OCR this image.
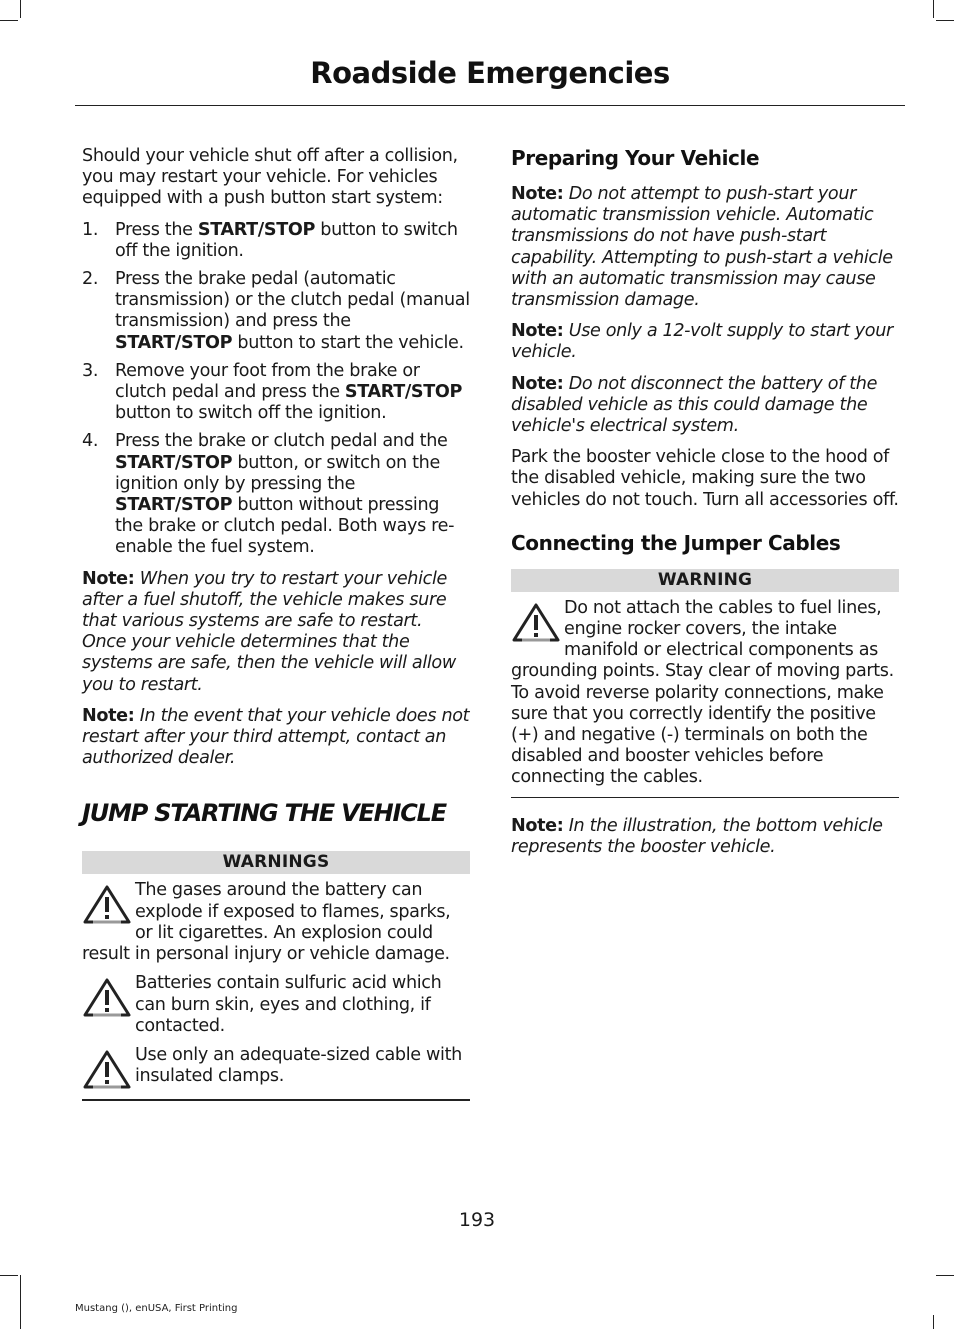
Roadside Emergencies

Should your vehicle shut off after a collision, you may restart your vehicle. For vehicles equipped with a push button start system:

1. Press the START/STOP button to switch off the ignition.
2. Press the brake pedal (automatic transmission) or the clutch pedal (manual transmission) and press the START/STOP button to start the vehicle.
3. Remove your foot from the brake or clutch pedal and press the START/STOP button to switch off the ignition.
4. Press the brake or clutch pedal and the START/STOP button, or switch on the ignition only by pressing the START/STOP button without pressing the brake or clutch pedal. Both ways re-enable the fuel system.

Note: When you try to restart your vehicle after a fuel shutoff, the vehicle makes sure that various systems are safe to restart. Once your vehicle determines that the systems are safe, then the vehicle will allow you to restart.

Note: In the event that your vehicle does not restart after your third attempt, contact an authorized dealer.

JUMP STARTING THE VEHICLE
WARNINGS
The gases around the battery can explode if exposed to flames, sparks, or lit cigarettes. An explosion could result in personal injury or vehicle damage.
Batteries contain sulfuric acid which can burn skin, eyes and clothing, if contacted.
Use only an adequate-sized cable with insulated clamps.
Preparing Your Vehicle

Note: Do not attempt to push-start your automatic transmission vehicle. Automatic transmissions do not have push-start capability. Attempting to push-start a vehicle with an automatic transmission may cause transmission damage.

Note: Use only a 12-volt supply to start your vehicle.

Note: Do not disconnect the battery of the disabled vehicle as this could damage the vehicle's electrical system.

Park the booster vehicle close to the hood of the disabled vehicle, making sure the two vehicles do not touch. Turn all accessories off.

Connecting the Jumper Cables
WARNING
Do not attach the cables to fuel lines, engine rocker covers, the intake manifold or electrical components as grounding points. Stay clear of moving parts. To avoid reverse polarity connections, make sure that you correctly identify the positive (+) and negative (-) terminals on both the disabled and booster vehicles before connecting the cables.

Note: In the illustration, the bottom vehicle represents the booster vehicle.

193
Mustang (), enUSA, First Printing
